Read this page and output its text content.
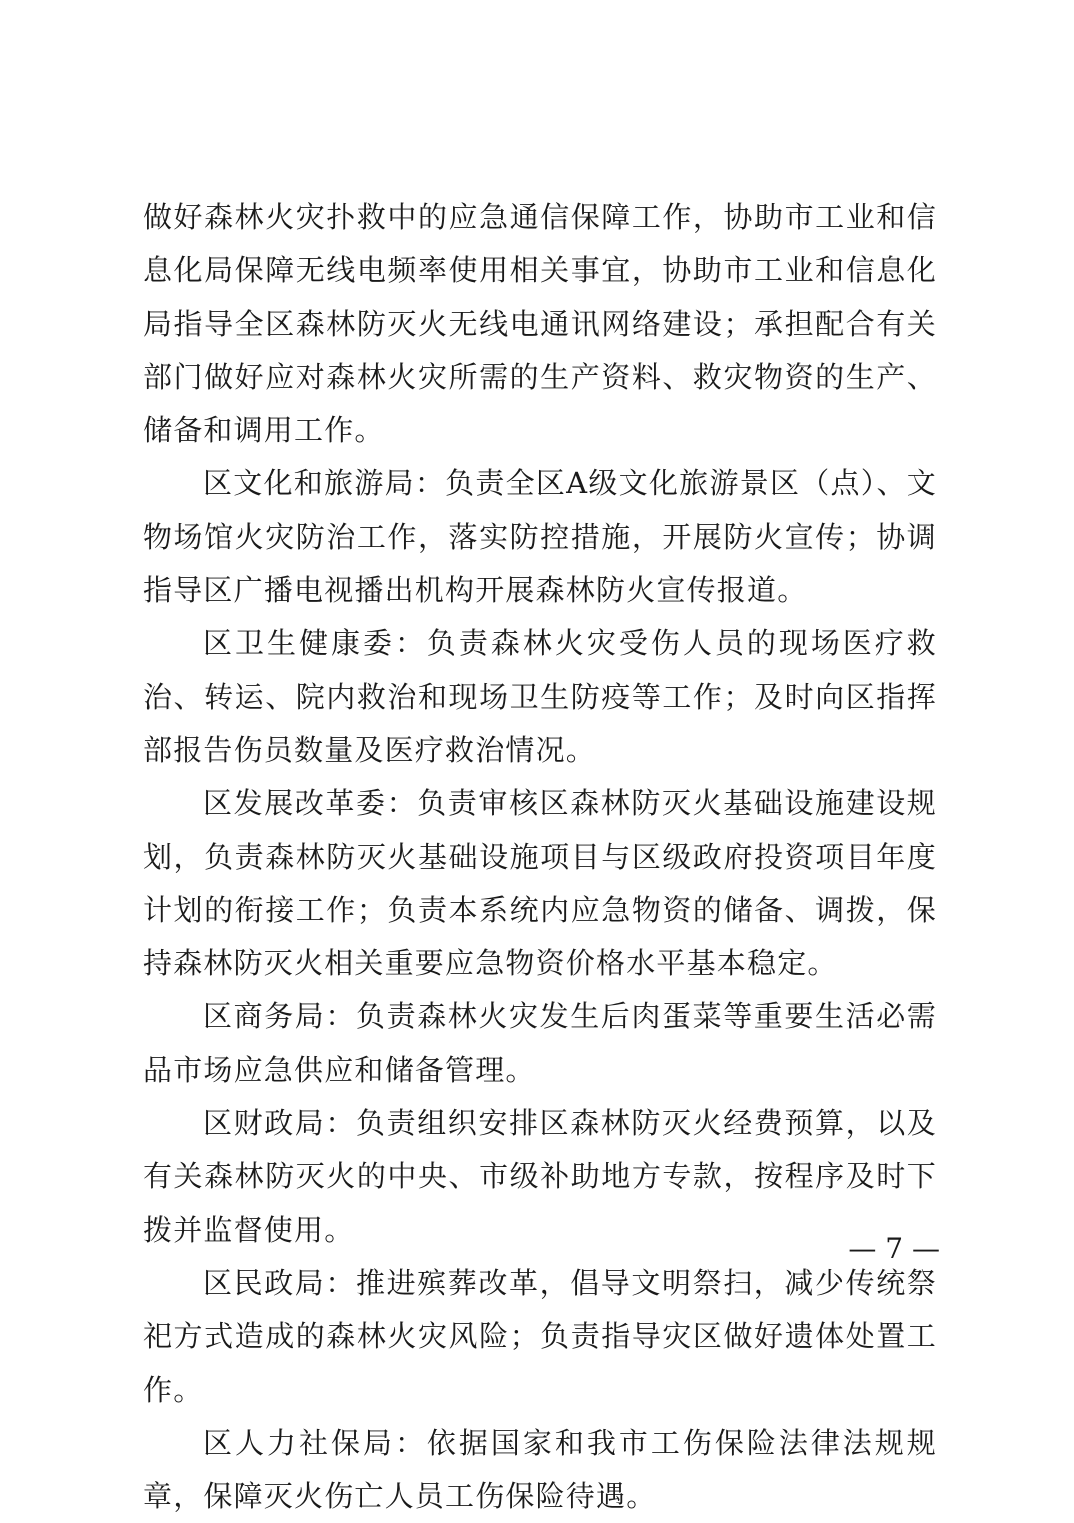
做好森林火灾扑救中的应急通信保障工作，协助市工业和信息化局保障无线电频率使用相关事宜，协助市工业和信息化局指导全区森林防灭火无线电通讯网络建设；承担配合有关部门做好应对森林火灾所需的生产资料、救灾物资的生产、储备和调用工作。

区文化和旅游局：负责全区A级文化旅游景区（点）、文物场馆火灾防治工作，落实防控措施，开展防火宣传；协调指导区广播电视播出机构开展森林防火宣传报道。

区卫生健康委：负责森林火灾受伤人员的现场医疗救治、转运、院内救治和现场卫生防疫等工作；及时向区指挥部报告伤员数量及医疗救治情况。

区发展改革委：负责审核区森林防灭火基础设施建设规划，负责森林防灭火基础设施项目与区级政府投资项目年度计划的衔接工作；负责本系统内应急物资的储备、调拨，保持森林防灭火相关重要应急物资价格水平基本稳定。

区商务局：负责森林火灾发生后肉蛋菜等重要生活必需品市场应急供应和储备管理。

区财政局：负责组织安排区森林防灭火经费预算，以及有关森林防灭火的中央、市级补助地方专款，按程序及时下拨并监督使用。

区民政局：推进殡葬改革，倡导文明祭扫，减少传统祭祀方式造成的森林火灾风险；负责指导灾区做好遗体处置工作。

区人力社保局：依据国家和我市工伤保险法律法规规章，保障灭火伤亡人员工伤保险待遇。

— 7 —
